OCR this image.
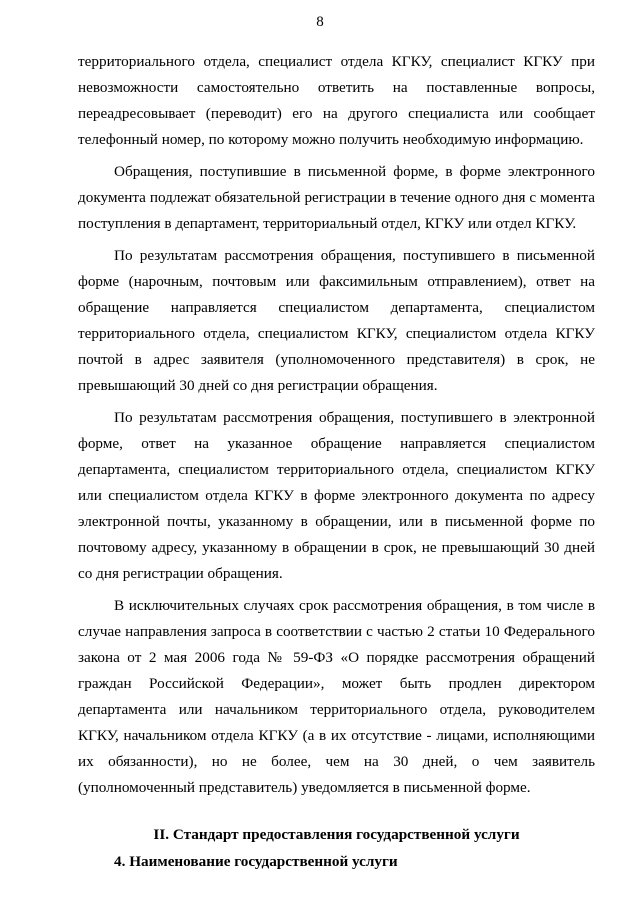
8

территориального отдела, специалист отдела КГКУ, специалист КГКУ при невозможности самостоятельно ответить на поставленные вопросы, переадресовывает (переводит) его на другого специалиста или сообщает телефонный номер, по которому можно получить необходимую информацию.

Обращения, поступившие в письменной форме, в форме электронного документа подлежат обязательной регистрации в течение одного дня с момента поступления в департамент, территориальный отдел, КГКУ или отдел КГКУ.

По результатам рассмотрения обращения, поступившего в письменной форме (нарочным, почтовым или факсимильным отправлением), ответ на обращение направляется специалистом департамента, специалистом территориального отдела, специалистом КГКУ, специалистом отдела КГКУ почтой в адрес заявителя (уполномоченного представителя) в срок, не превышающий 30 дней со дня регистрации обращения.

По результатам рассмотрения обращения, поступившего в электронной форме, ответ на указанное обращение направляется специалистом департамента, специалистом территориального отдела, специалистом КГКУ или специалистом отдела КГКУ в форме электронного документа по адресу электронной почты, указанному в обращении, или в письменной форме по почтовому адресу, указанному в обращении в срок, не превышающий 30 дней со дня регистрации обращения.

В исключительных случаях срок рассмотрения обращения, в том числе в случае направления запроса в соответствии с частью 2 статьи 10 Федерального закона от 2 мая 2006 года № 59-ФЗ «О порядке рассмотрения обращений граждан Российской Федерации», может быть продлен директором департамента или начальником территориального отдела, руководителем КГКУ, начальником отдела КГКУ (а в их отсутствие - лицами, исполняющими их обязанности), но не более, чем на 30 дней, о чем заявитель (уполномоченный представитель) уведомляется в письменной форме.

II. Стандарт предоставления государственной услуги
4. Наименование государственной услуги
